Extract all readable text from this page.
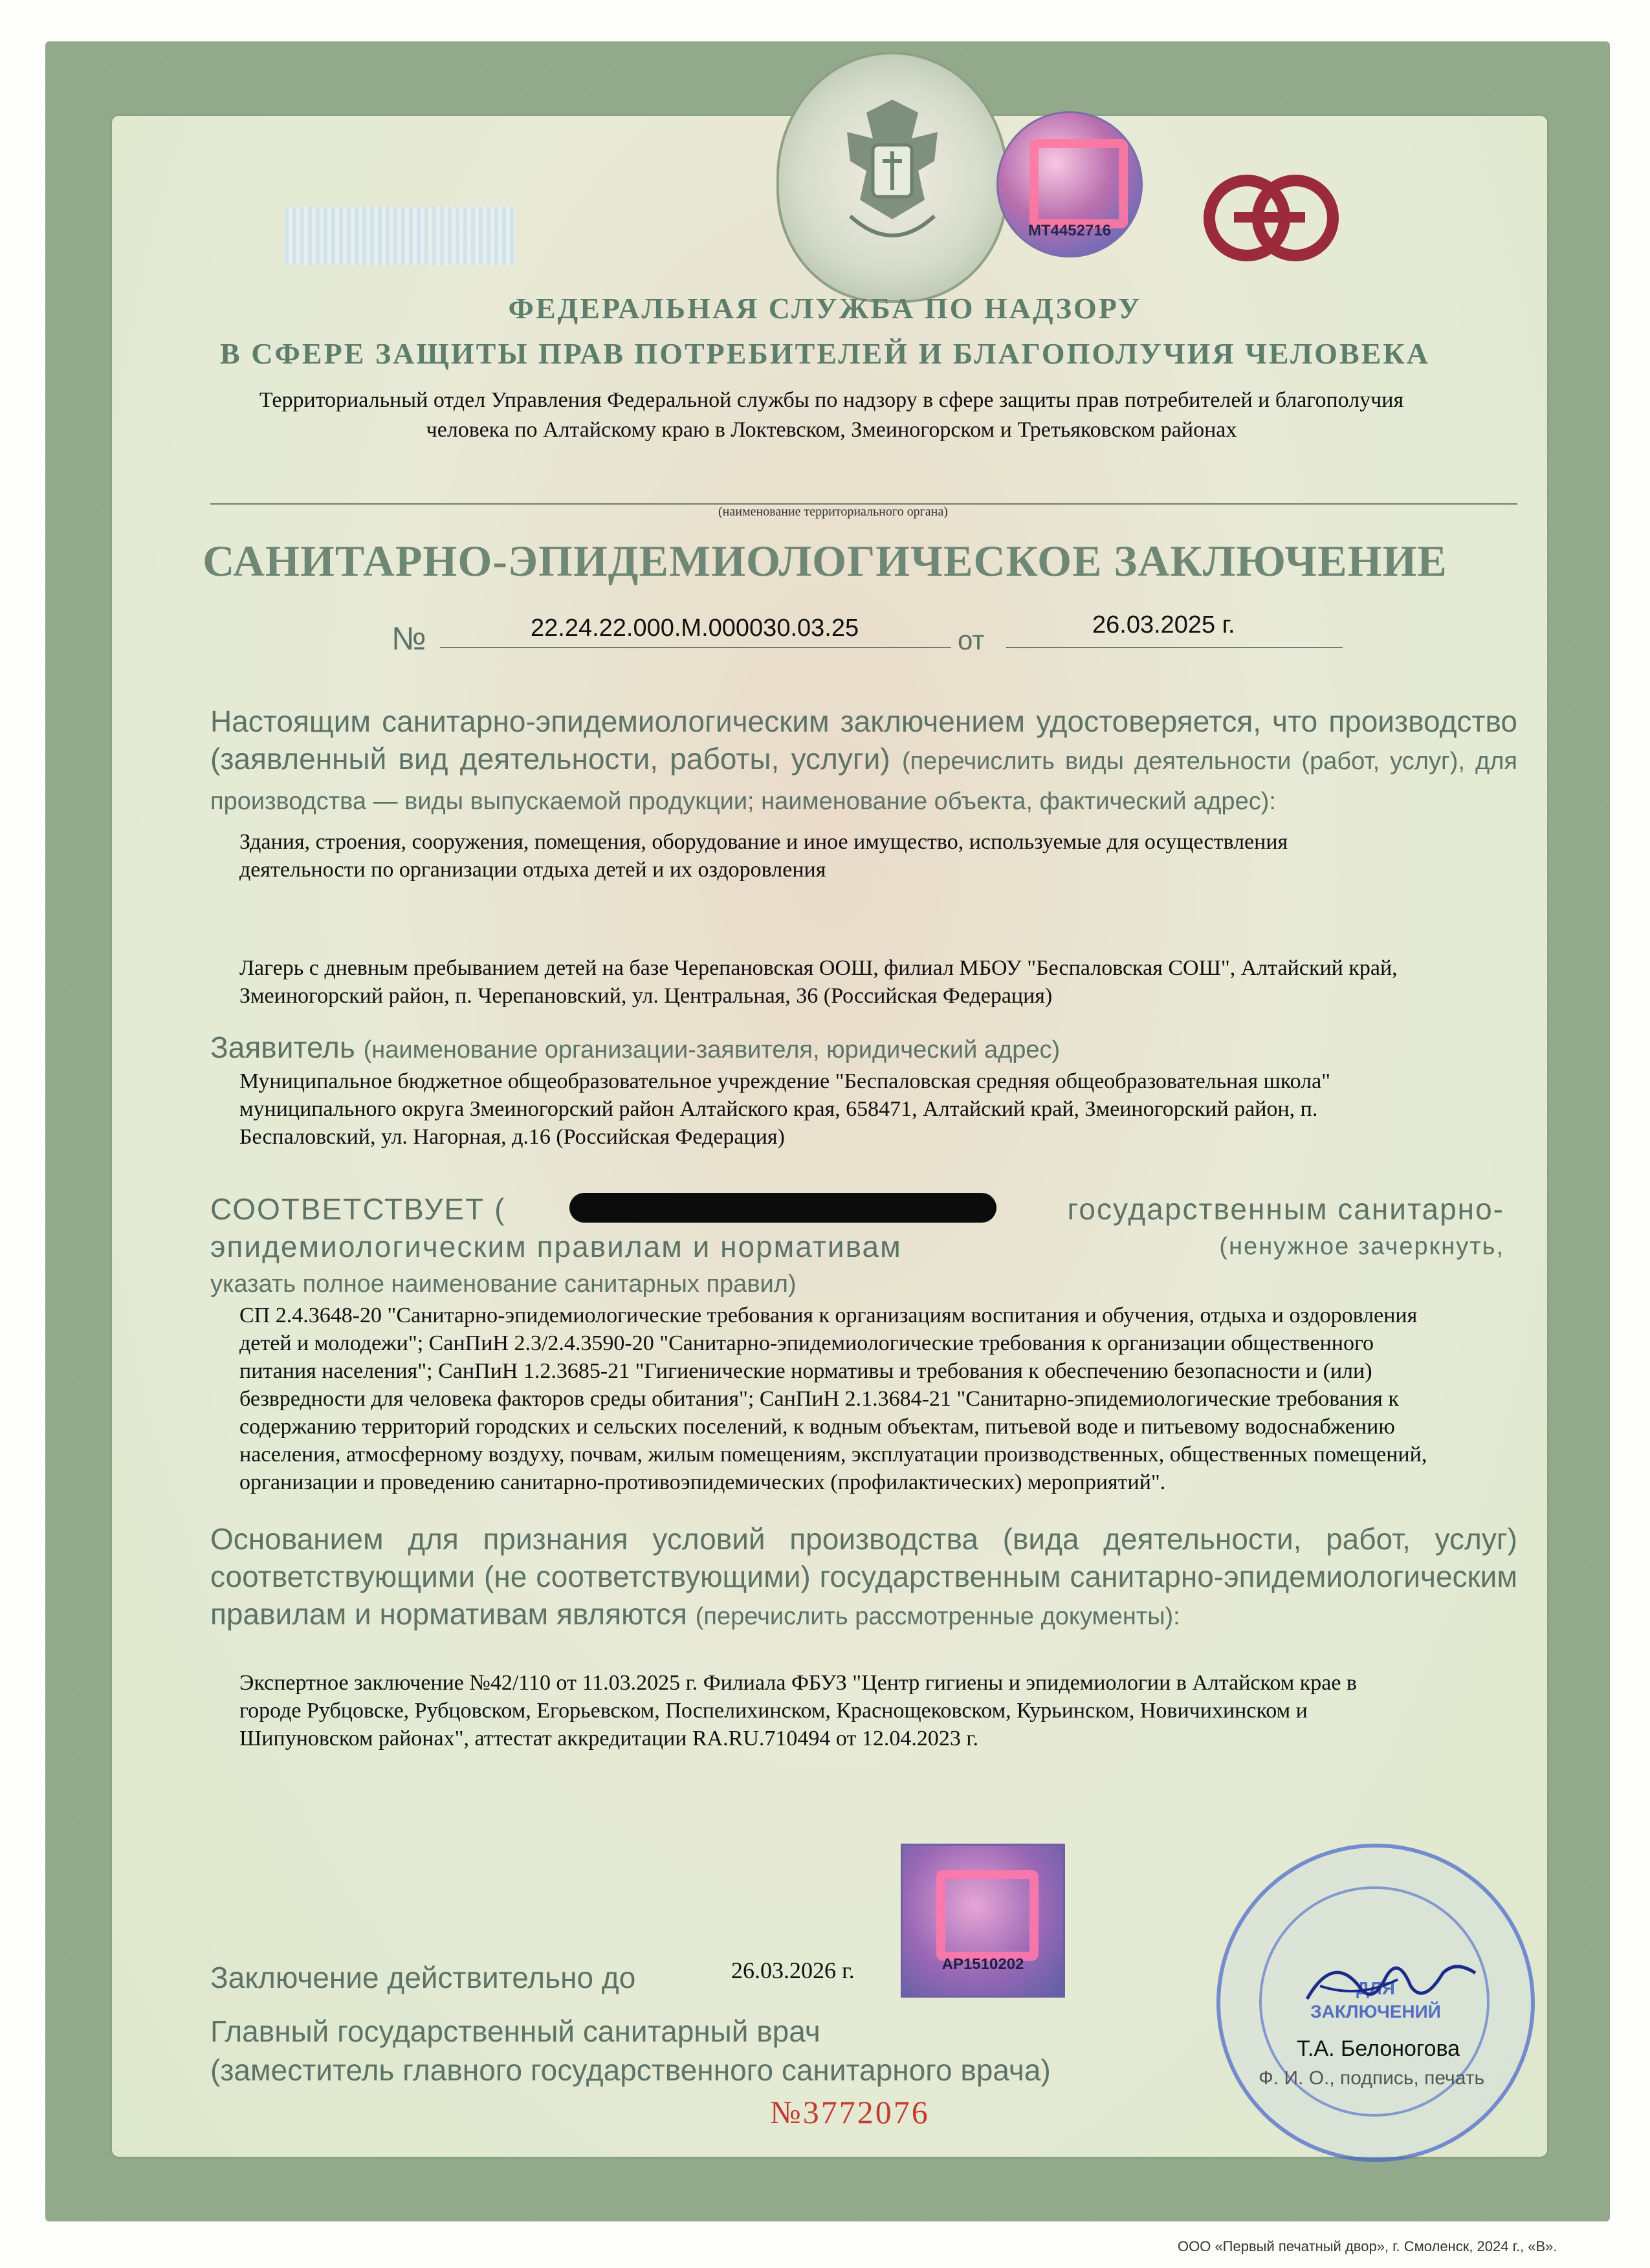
MT4452716
ФЕДЕРАЛЬНАЯ СЛУЖБА ПО НАДЗОРУ
В СФЕРЕ ЗАЩИТЫ ПРАВ ПОТРЕБИТЕЛЕЙ И БЛАГОПОЛУЧИЯ ЧЕЛОВЕКА
Территориальный отдел Управления Федеральной службы по надзору в сфере защиты прав потребителей и благополучия
человека по Алтайскому краю в Локтевском, Змеиногорском и Третьяковском районах
(наименование территориального органа)
САНИТАРНО-ЭПИДЕМИОЛОГИЧЕСКОЕ ЗАКЛЮЧЕНИЕ
№	22.24.22.000.М.000030.03.25	от	26.03.2025 г.
Настоящим санитарно-эпидемиологическим заключением удостоверяется, что производство (заявленный вид деятельности, работы, услуги) (перечислить виды деятельности (работ, услуг), для производства — виды выпускаемой продукции; наименование объекта, фактический адрес):
Здания, строения, сооружения, помещения, оборудование и иное имущество, используемые для осуществления
деятельности по организации отдыха детей и их оздоровления
Лагерь с дневным пребыванием детей на базе Черепановская ООШ, филиал МБОУ "Беспаловская СОШ", Алтайский край,
Змеиногорский район, п. Черепановский, ул. Центральная, 36 (Российская Федерация)
Заявитель (наименование организации-заявителя, юридический адрес)
Муниципальное бюджетное общеобразовательное учреждение "Беспаловская средняя общеобразовательная школа"
муниципального округа Змеиногорский район Алтайского края, 658471, Алтайский край, Змеиногорский район, п.
Беспаловский, ул. Нагорная, д.16 (Российская Федерация)
СООТВЕТСТВУЕТ (	государственным санитарно-
эпидемиологическим правилам и нормативам	(ненужное зачеркнуть,
указать полное наименование санитарных правил)
СП 2.4.3648-20 "Санитарно-эпидемиологические требования к организациям воспитания и обучения, отдыха и оздоровления
детей и молодежи"; СанПиН 2.3/2.4.3590-20 "Санитарно-эпидемиологические требования к организации общественного
питания населения"; СанПиН 1.2.3685-21 "Гигиенические нормативы и требования к обеспечению безопасности и (или)
безвредности для человека факторов среды обитания"; СанПиН 2.1.3684-21 "Санитарно-эпидемиологические требования к
содержанию территорий городских и сельских поселений, к водным объектам, питьевой воде и питьевому водоснабжению
населения, атмосферному воздуху, почвам, жилым помещениям, эксплуатации производственных, общественных помещений,
организации и проведению санитарно-противоэпидемических (профилактических) мероприятий".
Основанием для признания условий производства (вида деятельности, работ, услуг) соответствующими (не соответствующими) государственным санитарно-эпидемиологическим правилам и нормативам являются (перечислить рассмотренные документы):
Экспертное заключение №42/110 от 11.03.2025 г. Филиала ФБУЗ "Центр гигиены и эпидемиологии в Алтайском крае в
городе Рубцовске, Рубцовском, Егорьевском, Поспелихинском, Краснощековском, Курьинском, Новичихинском и
Шипуновском районах", аттестат аккредитации RA.RU.710494 от 12.04.2023 г.
AP1510202
Заключение действительно до	26.03.2026 г.
Главный государственный санитарный врач
(заместитель главного государственного санитарного врача)
ДЛЯ
ЗАКЛЮЧЕНИЙ
Т.А. Белоногова
Ф. И. О., подпись, печать
№3772076
ООО «Первый печатный двор», г. Смоленск, 2024 г., «В».
